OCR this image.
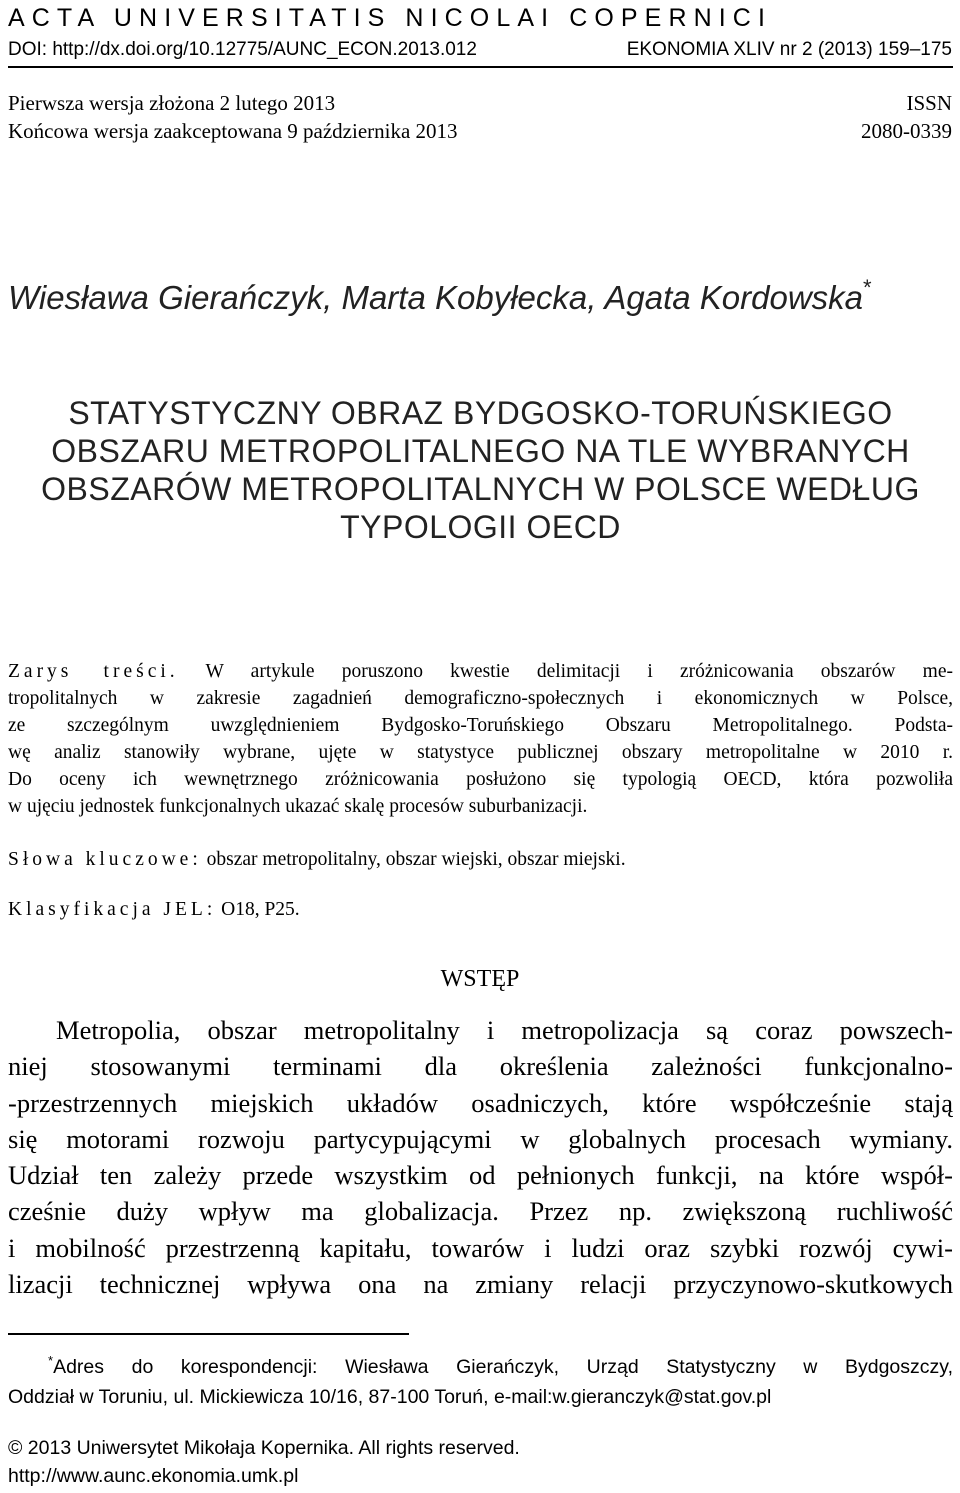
ACTA UNIVERSITATIS NICOLAI COPERNICI
DOI: http://dx.doi.org/10.12775/AUNC_ECON.2013.012	EKONOMIA XLIV nr 2 (2013) 159–175
Pierwsza wersja złożona 2 lutego 2013
Końcowa wersja zaakceptowana 9 października 2013
ISSN
2080-0339
Wiesława Gierańczyk, Marta Kobyłecka, Agata Kordowska*
STATYSTYCZNY OBRAZ BYDGOSKO-TORUŃSKIEGO
OBSZARU METROPOLITALNEGO NA TLE WYBRANYCH
OBSZARÓW METROPOLITALNYCH W POLSCE WEDŁUG
TYPOLOGII OECD
Zarys treści. W artykule poruszono kwestie delimitacji i zróżnicowania obszarów me-
tropolitalnych w zakresie zagadnień demograficzno-społecznych i ekonomicznych w Polsce,
ze szczególnym uwzględnieniem Bydgosko-Toruńskiego Obszaru Metropolitalnego. Podsta-
wę analiz stanowiły wybrane, ujęte w statystyce publicznej obszary metropolitalne w 2010 r.
Do oceny ich wewnętrznego zróżnicowania posłużono się typologią OECD, która pozwoliła
w ujęciu jednostek funkcjonalnych ukazać skalę procesów suburbanizacji.
Słowa kluczowe: obszar metropolitalny, obszar wiejski, obszar miejski.
Klasyfikacja JEL: O18, P25.
WSTĘP
Metropolia, obszar metropolitalny i metropolizacja są coraz powszech-
niej stosowanymi terminami dla określenia zależności funkcjonalno-
-przestrzennych miejskich układów osadniczych, które współcześnie stają
się motorami rozwoju partycypującymi w globalnych procesach wymiany.
Udział ten zależy przede wszystkim od pełnionych funkcji, na które współ-
cześnie duży wpływ ma globalizacja. Przez np. zwiększoną ruchliwość
i mobilność przestrzenną kapitału, towarów i ludzi oraz szybki rozwój cywi-
lizacji technicznej wpływa ona na zmiany relacji przyczynowo-skutkowych
*Adres do korespondencji: Wiesława Gierańczyk, Urząd Statystyczny w Bydgoszczy,
Oddział w Toruniu, ul. Mickiewicza 10/16, 87-100 Toruń, e-mail:w.gieranczyk@stat.gov.pl
© 2013 Uniwersytet Mikołaja Kopernika. All rights reserved.
http://www.aunc.ekonomia.umk.pl
